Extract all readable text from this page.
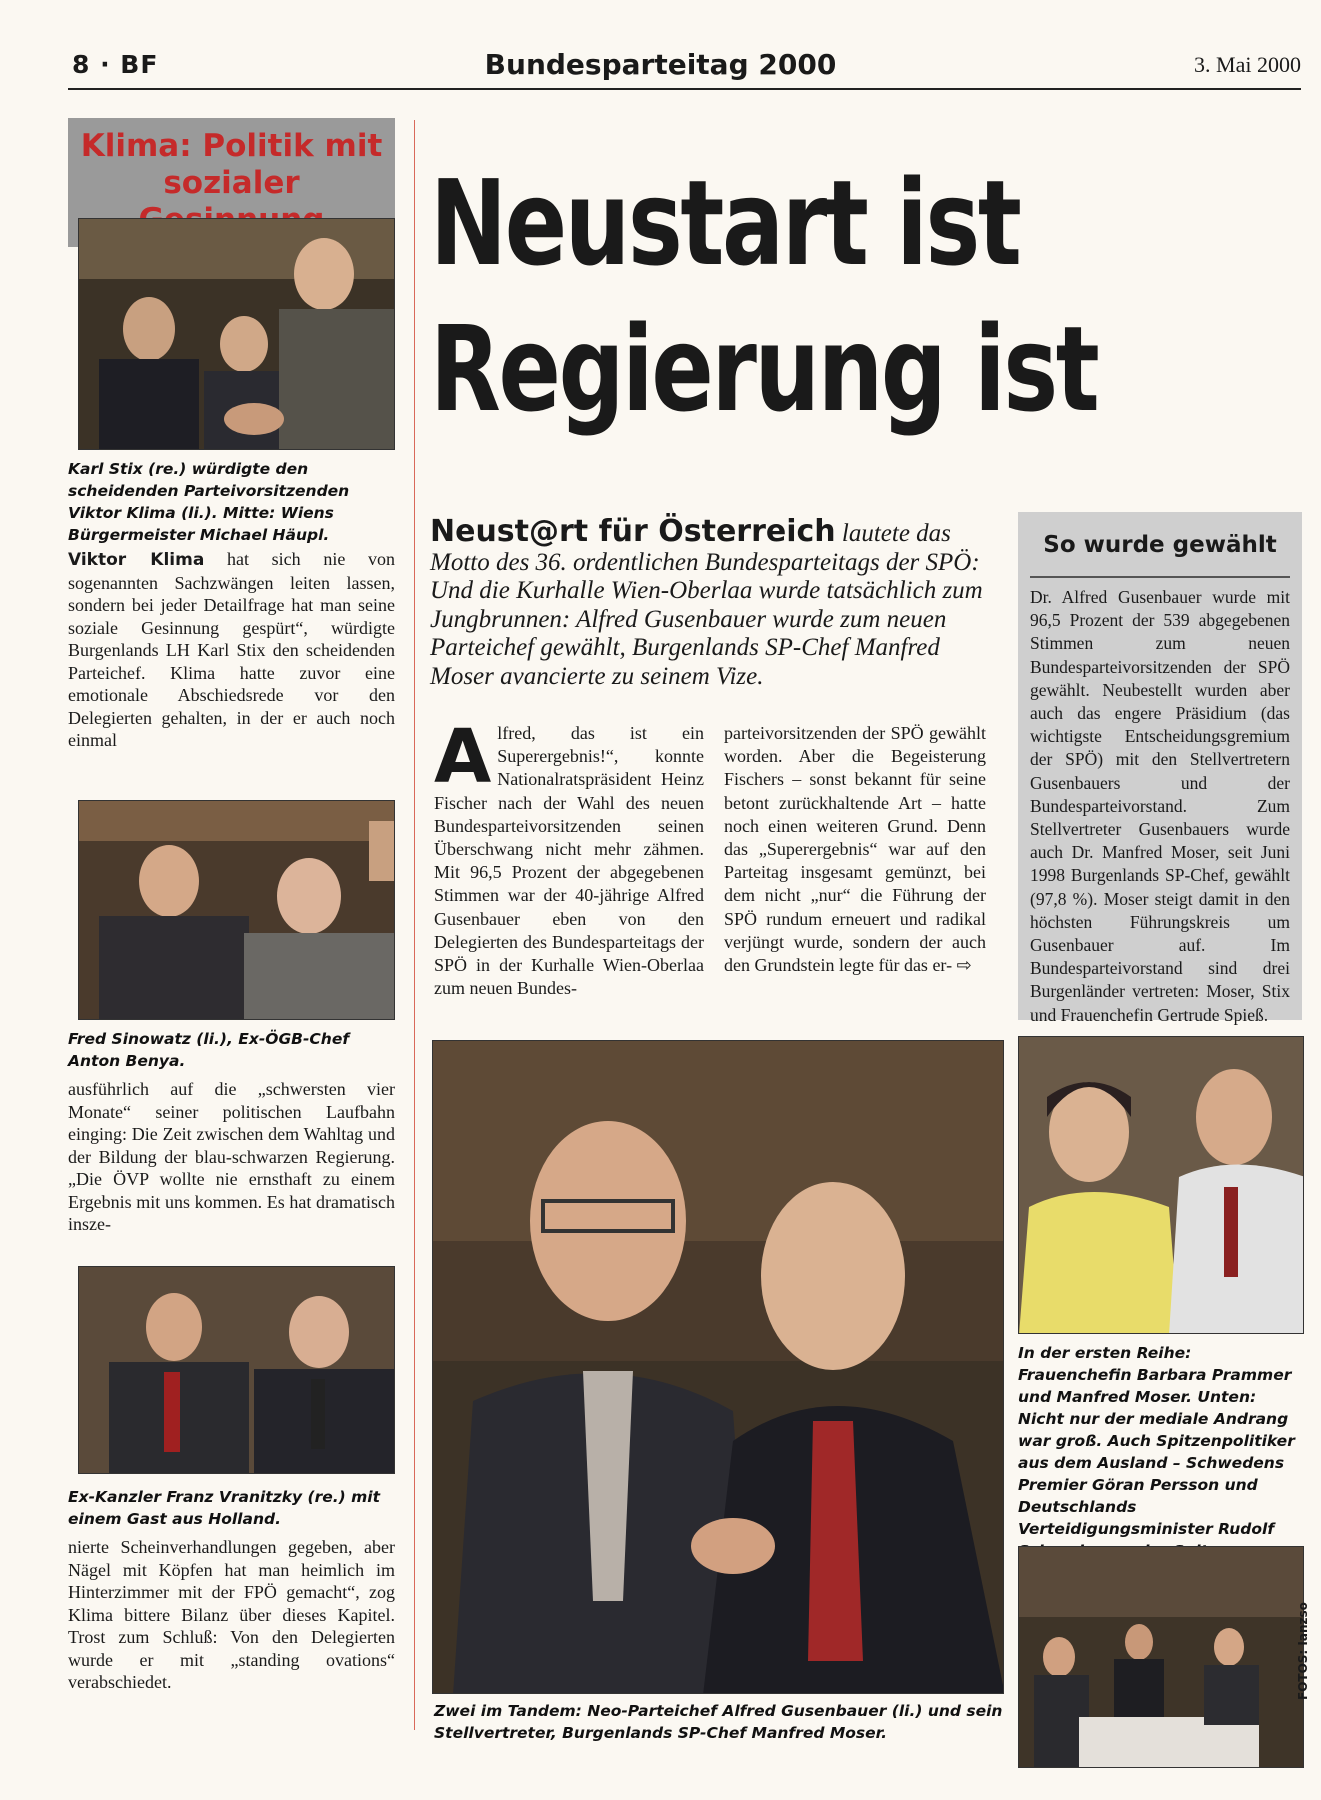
8 · BF	Bundesparteitag 2000	3. Mai 2000
Klima: Politik mit
sozialer
Karl Stix (re.) würdigte den scheidenden Parteivorsitzenden Viktor Klima (li.). Mitte: Wiens Bürgermeister Michael Häupl.
Viktor Klima hat sich nie von sogenannten Sachzwängen leiten lassen, sondern bei jeder Detailfrage hat man seine soziale Gesinnung gespürt“, würdigte Burgenlands LH Karl Stix den scheidenden Parteichef. Klima hatte zuvor eine emotionale Abschiedsrede vor den Delegierten gehalten, in der er auch noch einmal
Fred Sinowatz (li.), Ex-ÖGB-Chef Anton Benya.
ausführlich auf die „schwersten vier Monate“ seiner politischen Laufbahn einging: Die Zeit zwischen dem Wahltag und der Bildung der blau-schwarzen Regierung. „Die ÖVP wollte nie ernsthaft zu einem Ergebnis mit uns kommen. Es hat dramatisch insze-
Ex-Kanzler Franz Vranitzky (re.) mit einem Gast aus Holland.
nierte Scheinverhandlungen gegeben, aber Nägel mit Köpfen hat man heimlich im Hinterzimmer mit der FPÖ gemacht“, zog Klima bittere Bilanz über dieses Kapitel. Trost zum Schluß: Von den Delegierten wurde er mit „standing ovations“ verabschiedet.
Neustart ist
Regierung ist
Neust@rt für Österreich lautete das Motto des 36. ordentlichen Bundesparteitags der SPÖ: Und die Kurhalle Wien-Oberlaa wurde tatsächlich zum Jungbrunnen: Alfred Gusenbauer wurde zum neuen Parteichef gewählt, Burgenlands SP-Chef Manfred Moser avancierte zu seinem Vize.
Alfred, das ist ein Superergebnis!“, konnte Nationalratspräsident Heinz Fischer nach der Wahl des neuen Bundesparteivorsitzenden seinen Überschwang nicht mehr zähmen. Mit 96,5 Prozent der abgegebenen Stimmen war der 40-jährige Alfred Gusenbauer eben von den Delegierten des Bundesparteitags der SPÖ in der Kurhalle Wien-Oberlaa zum neuen Bundes-
parteivorsitzenden der SPÖ gewählt worden. Aber die Begeisterung Fischers – sonst bekannt für seine betont zurückhaltende Art – hatte noch einen weiteren Grund. Denn das „Superergebnis“ war auf den Parteitag insgesamt gemünzt, bei dem nicht „nur“ die Führung der SPÖ rundum erneuert und radikal verjüngt wurde, sondern der auch den Grundstein legte für das er- ⇨
So wurde gewählt
Dr. Alfred Gusenbauer wurde mit 96,5 Prozent der 539 abgegebenen Stimmen zum neuen Bundesparteivorsitzenden der SPÖ gewählt. Neubestellt wurden aber auch das engere Präsidium (das wichtigste Entscheidungsgremium der SPÖ) mit den Stellvertretern Gusenbauers und der Bundesparteivorstand. Zum Stellvertreter Gusenbauers wurde auch Dr. Manfred Moser, seit Juni 1998 Burgenlands SP-Chef, gewählt (97,8 %). Moser steigt damit in den höchsten Führungskreis um Gusenbauer auf. Im Bundesparteivorstand sind drei Burgenländer vertreten: Moser, Stix und Frauenchefin Gertrude Spieß.
Zwei im Tandem: Neo-Parteichef Alfred Gusenbauer (li.) und sein Stellvertreter, Burgenlands SP-Chef Manfred Moser.
In der ersten Reihe: Frauenchefin Barbara Prammer und Manfred Moser. Unten: Nicht nur der mediale Andrang war groß. Auch Spitzenpolitiker aus dem Ausland – Schwedens Premier Göran Persson und Deutschlands Verteidigungsminister Rudolf
FOTOS: Ianzso
